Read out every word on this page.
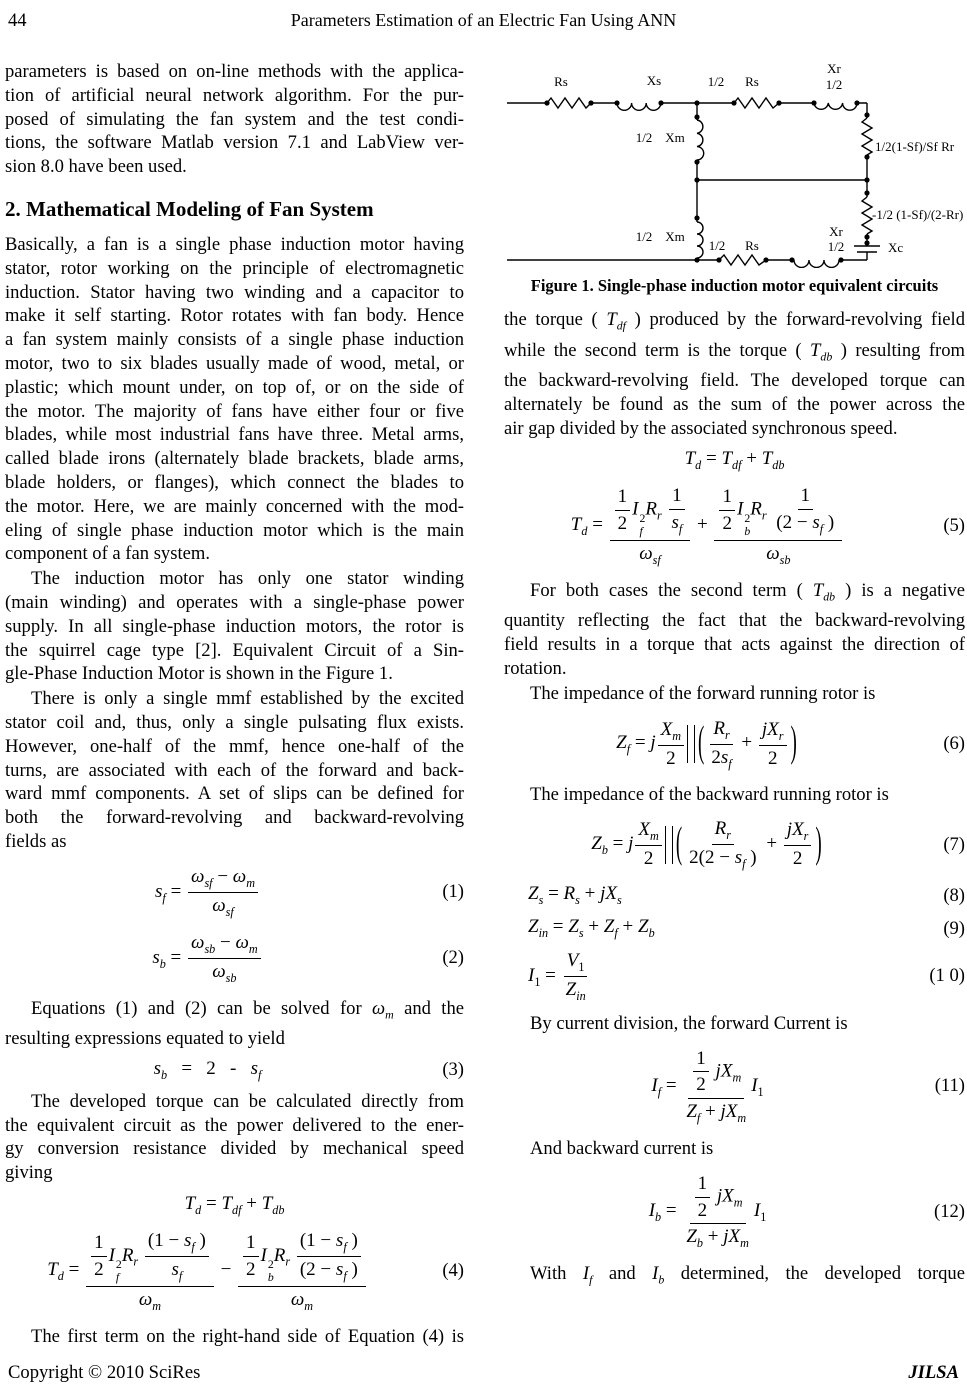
44	Parameters Estimation of an Electric Fan Using ANN
parameters is based on on-line methods with the applica-
tion of artificial neural network algorithm. For the pur-
posed of simulating the fan system and the test condi-
tions, the software Matlab version 7.1 and LabView ver-
sion 8.0 have been used.
2. Mathematical Modeling of Fan System
Basically, a fan is a single phase induction motor having
stator, rotor working on the principle of electromagnetic
induction. Stator having two winding and a capacitor to
make it self starting. Rotor rotates with fan body. Hence
a fan system mainly consists of a single phase induction
motor, two to six blades usually made of wood, metal, or
plastic; which mount under, on top of, or on the side of
the motor. The majority of fans have either four or five
blades, while most industrial fans have three. Metal arms,
called blade irons (alternately blade brackets, blade arms,
blade holders, or flanges), which connect the blades to
the motor. Here, we are mainly concerned with the mod-
eling of single phase induction motor which is the main
component of a fan system.
The induction motor has only one stator winding
(main winding) and operates with a single-phase power
supply. In all single-phase induction motors, the rotor is
the squirrel cage type [2]. Equivalent Circuit of a Sin-
gle-Phase Induction Motor is shown in the Figure 1.
There is only a single mmf established by the excited
stator coil and, thus, only a single pulsating flux exists.
However, one-half of the mmf, hence one-half of the
turns, are associated with each of the forward and back-
ward mmf components. A set of slips can be defined for
both the forward-revolving and backward-revolving
fields as
$s_f = \frac{\omega_{sf} - \omega_m}{\omega_{sf}}$	(1)
$s_b = \frac{\omega_{sb} - \omega_m}{\omega_{sb}}$	(2)
Equations (1) and (2) can be solved for $\omega_m$ and the
resulting expressions equated to yield
$s_b = 2 - s_f$	(3)
The developed torque can be calculated directly from
the equivalent circuit as the power delivered to the ener-
gy conversion resistance divided by mechanical speed
giving
$T_d = T_{df} + T_{db}$
$T_d = \frac{1}{2}$ I 2
f
$R_r \frac{(1 - s_f )}{s_f}$
$\omega_m - \frac{1}{2}$ I 2
b
$R_r \frac{(1 - s_f )}{(2 - s_f )}$
$\omega_m$	(4)
The first term on the right-hand side of Equation (4) is
Rs	Xs	1/2 Rs
Xr
1/2
1/2 Xm
1/2(1-Sf)/Sf Rr
-1/2 (1-Sf)/(2-Rr)
1/2 Xm
1/2 Rs
Xr
1/2	Xc
Figure 1. Single-phase induction motor equivalent circuits
the torque ( $T_{df}$ ) produced by the forward-revolving field
while the second term is the torque ( $T_{db}$ ) resulting from
the backward-revolving field. The developed torque can
alternately be found as the sum of the power across the
air gap divided by the associated synchronous speed.
$T_d = T_{df} + T_{db}$
$T_d = \frac{1}{2}$ I 2
f
$R_r \frac{1}{s_f}$
$\omega_{sf} + \frac{1}{2}$ I 2
b
$R_r \frac{1}{(2 - s_f )}$
$\omega_{sb}$	(5)
For both cases the second term ( $T_{db}$ ) is a negative
quantity reflecting the fact that the backward-revolving
field results in a torque that acts against the direction of
rotation.
The impedance of the forward running rotor is
$Z_f = j \frac{X_m}{2}$ ( $\frac{R_r}{2s_f} + \frac{jX_r}{2}$ )	(6)
The impedance of the backward running rotor is
$Z_b = j \frac{X_m}{2}$ ( $\frac{R_r}{2(2 - s_f )} + \frac{jX_r}{2}$ )	(7)
$Z_s = R_s + jX_s$	(8)
$Z_{in} = Z_s + Z_f + Z_b$	(9)
$I_1 = \frac{V_1}{Z_{in}}$	(1 0)
By current division, the forward Current is
$I_f = \frac{\frac{1}{2} jX_m}{Z_f + jX_m} I_1$	(11)
And backward current is
$I_b = \frac{\frac{1}{2} jX_m}{Z_b + jX_m} I_1$	(12)
With $I_f$ and $I_b$ determined, the developed torque
Copyright © 2010 SciRes	JILSA
